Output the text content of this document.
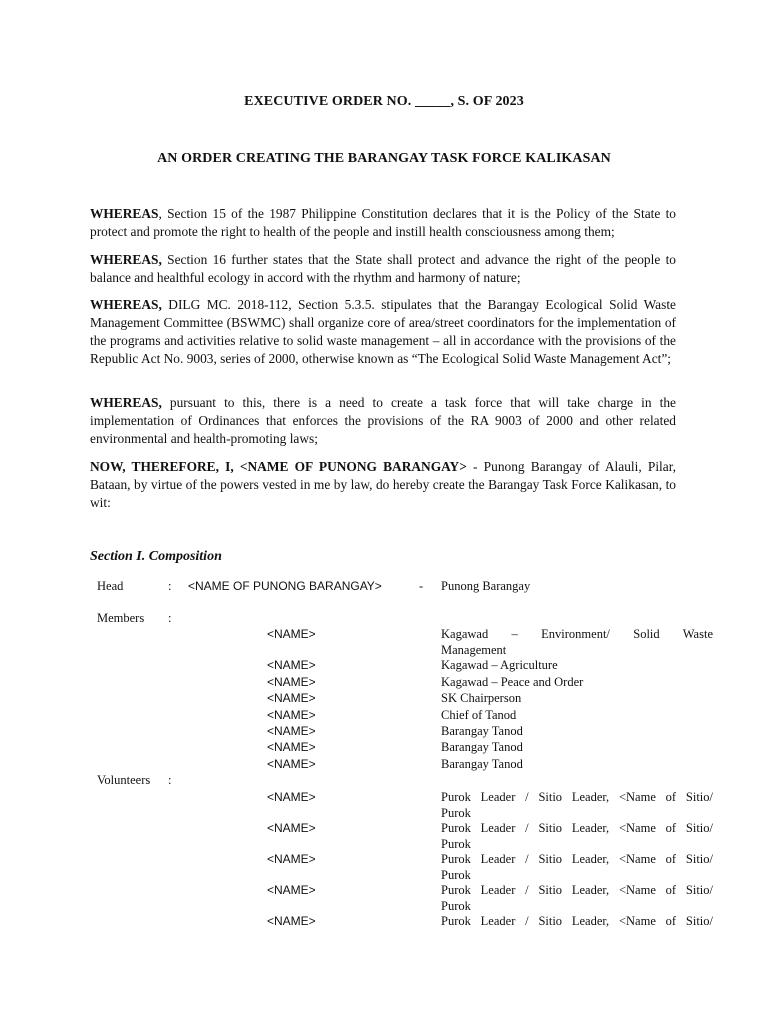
EXECUTIVE ORDER NO. _____, S. OF 2023
AN ORDER CREATING THE BARANGAY TASK FORCE KALIKASAN
WHEREAS, Section 15 of the 1987 Philippine Constitution declares that it is the Policy of the State to protect and promote the right to health of the people and instill health consciousness among them;
WHEREAS, Section 16 further states that the State shall protect and advance the right of the people to balance and healthful ecology in accord with the rhythm and harmony of nature;
WHEREAS, DILG MC. 2018-112, Section 5.3.5. stipulates that the Barangay Ecological Solid Waste Management Committee (BSWMC) shall organize core of area/street coordinators for the implementation of the programs and activities relative to solid waste management – all in accordance with the provisions of the Republic Act No. 9003, series of 2000, otherwise known as “The Ecological Solid Waste Management Act”;
WHEREAS, pursuant to this, there is a need to create a task force that will take charge in the implementation of Ordinances that enforces the provisions of the RA 9003 of 2000 and other related environmental and health-promoting laws;
NOW, THEREFORE, I, <NAME OF PUNONG BARANGAY> - Punong Barangay of Alauli, Pilar, Bataan, by virtue of the powers vested in me by law, do hereby create the Barangay Task Force Kalikasan, to wit:
Section I. Composition
Head	: <NAME OF PUNONG BARANGAY>	- Punong Barangay
Members :
<NAME>	Kagawad – Environment/ Solid Waste
Management
<NAME>	Kagawad – Agriculture
<NAME>	Kagawad – Peace and Order
<NAME>	SK Chairperson
<NAME>	Chief of Tanod
<NAME>	Barangay Tanod
<NAME>	Barangay Tanod
<NAME>	Barangay Tanod
Volunteers :
<NAME>	Purok Leader / Sitio Leader, <Name of Sitio/
Purok
<NAME>	Purok Leader / Sitio Leader, <Name of Sitio/
Purok
<NAME>	Purok Leader / Sitio Leader, <Name of Sitio/
Purok
<NAME>	Purok Leader / Sitio Leader, <Name of Sitio/
Purok
<NAME>	Purok Leader / Sitio Leader, <Name of Sitio/
